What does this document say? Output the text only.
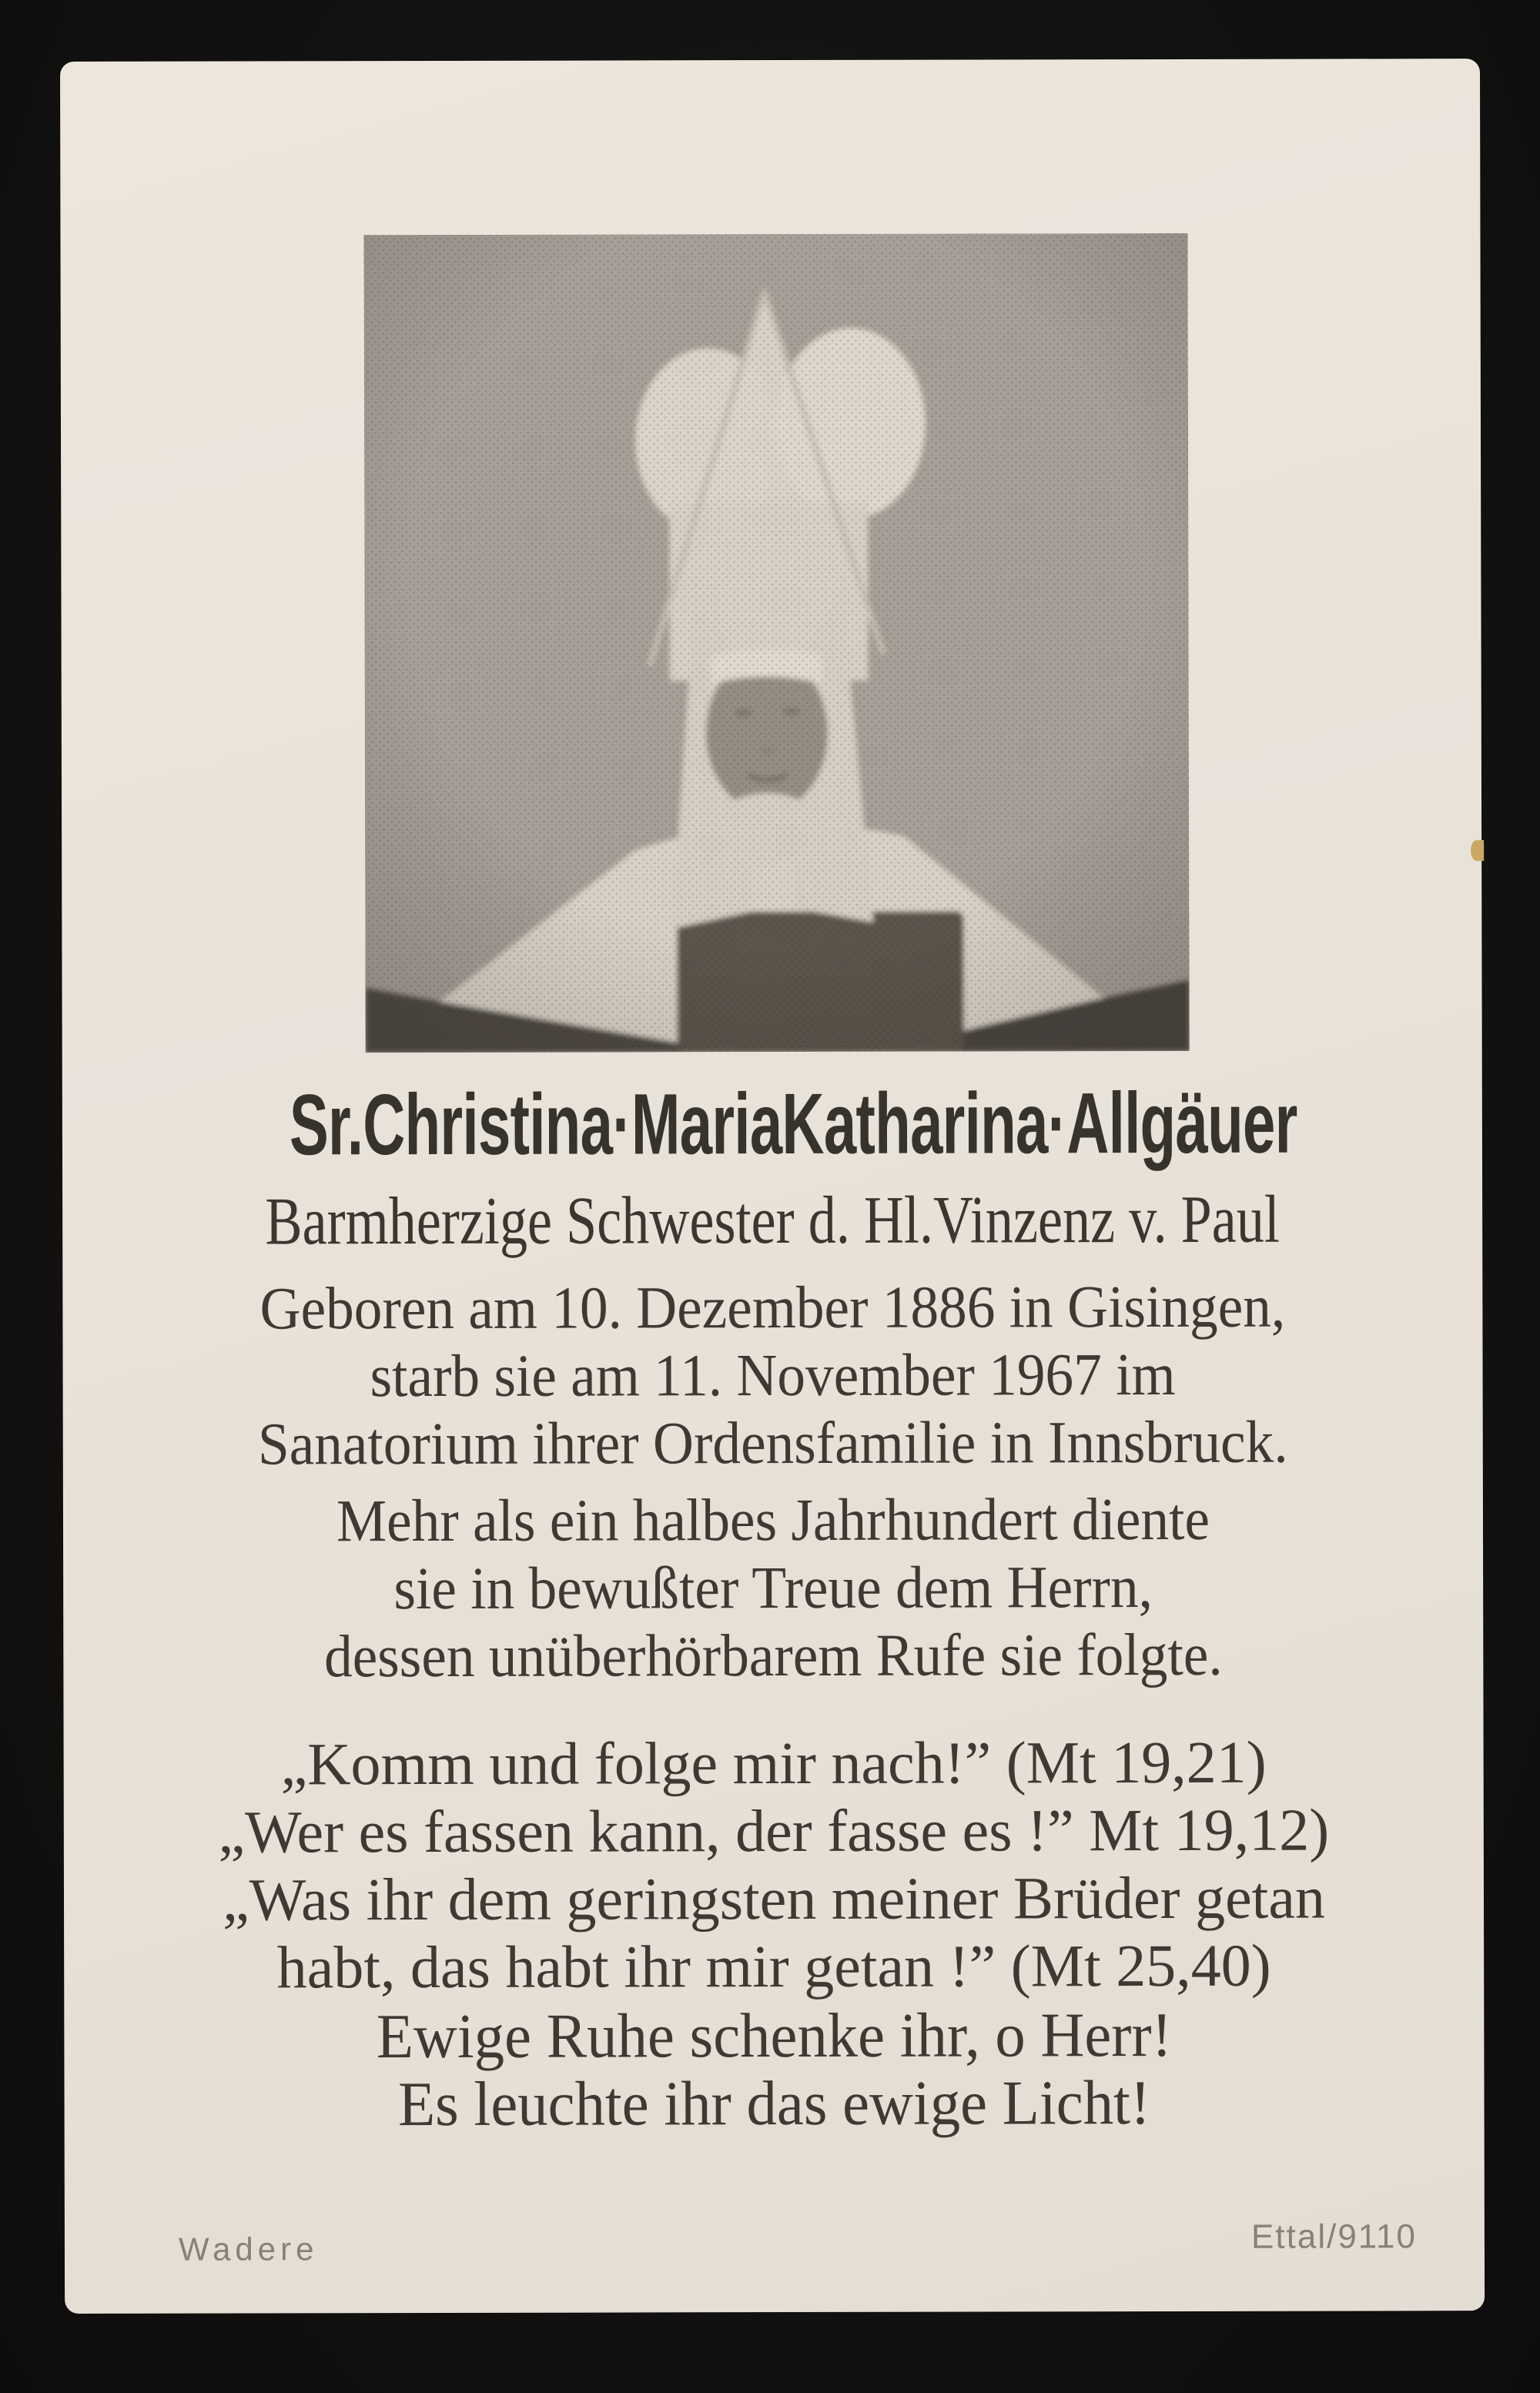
Sr.Christina·MariaKatharina·Allgäuer
Barmherzige Schwester d. Hl.Vinzenz v. Paul
Geboren am 10. Dezember 1886 in Gisingen,
starb sie am 11. November 1967 im
Sanatorium ihrer Ordensfamilie in Innsbruck.
Mehr als ein halbes Jahrhundert diente
sie in bewußter Treue dem Herrn,
dessen unüberhörbarem Rufe sie folgte.
„Komm und folge mir nach!” (Mt 19,21)
„Wer es fassen kann, der fasse es !” Mt 19,12)
„Was ihr dem geringsten meiner Brüder getan
habt, das habt ihr mir getan !” (Mt 25,40)
Ewige Ruhe schenke ihr, o Herr!
Es leuchte ihr das ewige Licht!
Wadere	Ettal/9110
